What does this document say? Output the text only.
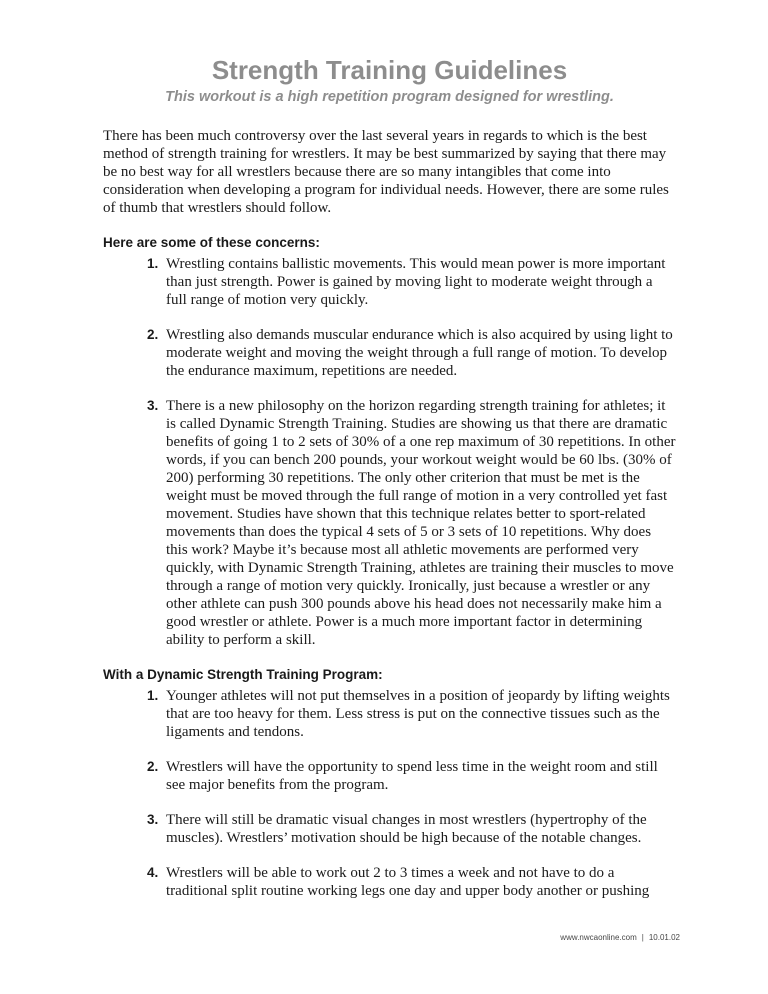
Strength Training Guidelines
This workout is a high repetition program designed for wrestling.

There has been much controversy over the last several years in regards to which is the best method of strength training for wrestlers. It may be best summarized by saying that there may be no best way for all wrestlers because there are so many intangibles that come into consideration when developing a program for individual needs. However, there are some rules of thumb that wrestlers should follow.

Here are some of these concerns:
1. Wrestling contains ballistic movements. This would mean power is more important than just strength. Power is gained by moving light to moderate weight through a full range of motion very quickly.
2. Wrestling also demands muscular endurance which is also acquired by using light to moderate weight and moving the weight through a full range of motion. To develop the endurance maximum, repetitions are needed.
3. There is a new philosophy on the horizon regarding strength training for athletes; it is called Dynamic Strength Training. Studies are showing us that there are dramatic benefits of going 1 to 2 sets of 30% of a one rep maximum of 30 repetitions. In other words, if you can bench 200 pounds, your workout weight would be 60 lbs. (30% of 200) performing 30 repetitions. The only other criterion that must be met is the weight must be moved through the full range of motion in a very controlled yet fast movement. Studies have shown that this technique relates better to sport-related movements than does the typical 4 sets of 5 or 3 sets of 10 repetitions. Why does this work? Maybe it’s because most all athletic movements are performed very quickly, with Dynamic Strength Training, athletes are training their muscles to move through a range of motion very quickly. Ironically, just because a wrestler or any other athlete can push 300 pounds above his head does not necessarily make him a good wrestler or athlete. Power is a much more important factor in determining ability to perform a skill.
With a Dynamic Strength Training Program:
1. Younger athletes will not put themselves in a position of jeopardy by lifting weights that are too heavy for them. Less stress is put on the connective tissues such as the ligaments and tendons.
2. Wrestlers will have the opportunity to spend less time in the weight room and still see major benefits from the program.
3. There will still be dramatic visual changes in most wrestlers (hypertrophy of the muscles). Wrestlers’ motivation should be high because of the notable changes.
4. Wrestlers will be able to work out 2 to 3 times a week and not have to do a traditional split routine working legs one day and upper body another or pushing
www.nwcaonline.com | 10.01.02
